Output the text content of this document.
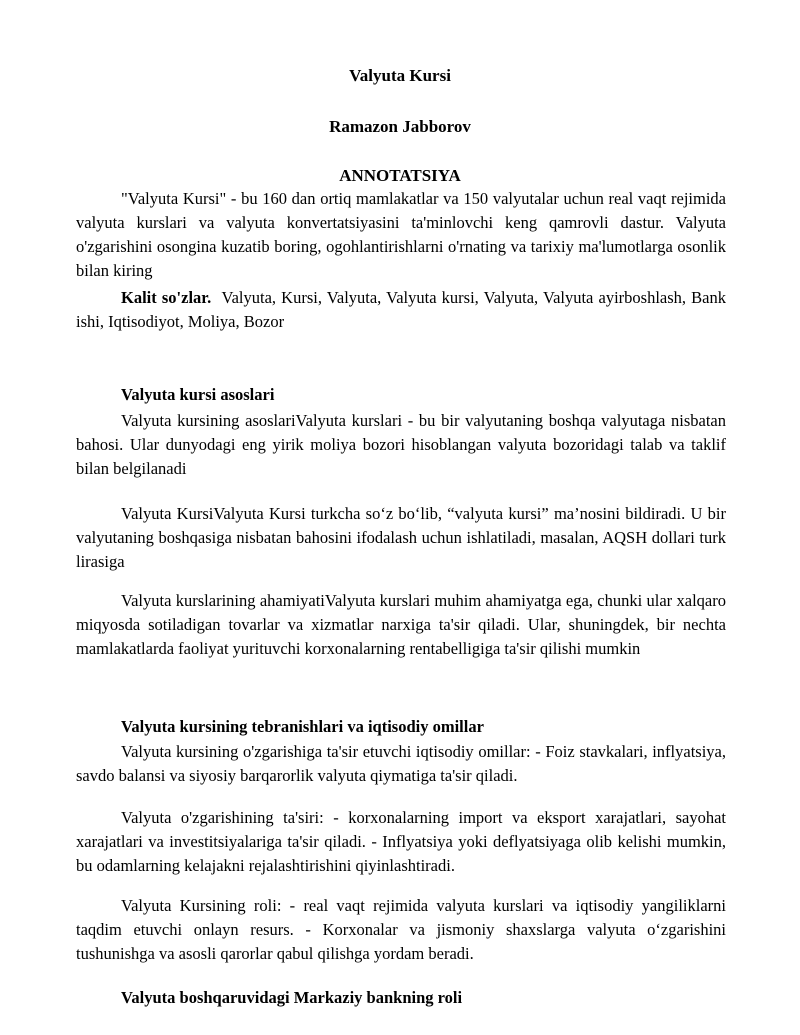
Valyuta Kursi
Ramazon Jabborov
ANNOTATSIYA

"Valyuta Kursi" - bu 160 dan ortiq mamlakatlar va 150 valyutalar uchun real vaqt rejimida valyuta kurslari va valyuta konvertatsiyasini ta'minlovchi keng qamrovli dastur. Valyuta o'zgarishini osongina kuzatib boring, ogohlantirishlarni o'rnating va tarixiy ma'lumotlarga osonlik bilan kiring

Kalit so'zlar. Valyuta, Kursi, Valyuta, Valyuta kursi, Valyuta, Valyuta ayirboshlash, Bank ishi, Iqtisodiyot, Moliya, Bozor

Valyuta kursi asoslari

Valyuta kursining asoslariValyuta kurslari - bu bir valyutaning boshqa valyutaga nisbatan bahosi. Ular dunyodagi eng yirik moliya bozori hisoblangan valyuta bozoridagi talab va taklif bilan belgilanadi

Valyuta KursiValyuta Kursi turkcha so‘z bo‘lib, “valyuta kursi” ma’nosini bildiradi. U bir valyutaning boshqasiga nisbatan bahosini ifodalash uchun ishlatiladi, masalan, AQSH dollari turk lirasiga

Valyuta kurslarining ahamiyatiValyuta kurslari muhim ahamiyatga ega, chunki ular xalqaro miqyosda sotiladigan tovarlar va xizmatlar narxiga ta'sir qiladi. Ular, shuningdek, bir nechta mamlakatlarda faoliyat yurituvchi korxonalarning rentabelligiga ta'sir qilishi mumkin

Valyuta kursining tebranishlari va iqtisodiy omillar

Valyuta kursining o'zgarishiga ta'sir etuvchi iqtisodiy omillar: - Foiz stavkalari, inflyatsiya, savdo balansi va siyosiy barqarorlik valyuta qiymatiga ta'sir qiladi.

Valyuta o'zgarishining ta'siri: - korxonalarning import va eksport xarajatlari, sayohat xarajatlari va investitsiyalariga ta'sir qiladi. - Inflyatsiya yoki deflyatsiyaga olib kelishi mumkin, bu odamlarning kelajakni rejalashtirishini qiyinlashtiradi.

Valyuta Kursining roli: - real vaqt rejimida valyuta kurslari va iqtisodiy yangiliklarni taqdim etuvchi onlayn resurs. - Korxonalar va jismoniy shaxslarga valyuta o‘zgarishini tushunishga va asosli qarorlar qabul qilishga yordam beradi.

Valyuta boshqaruvidagi Markaziy bankning roli
